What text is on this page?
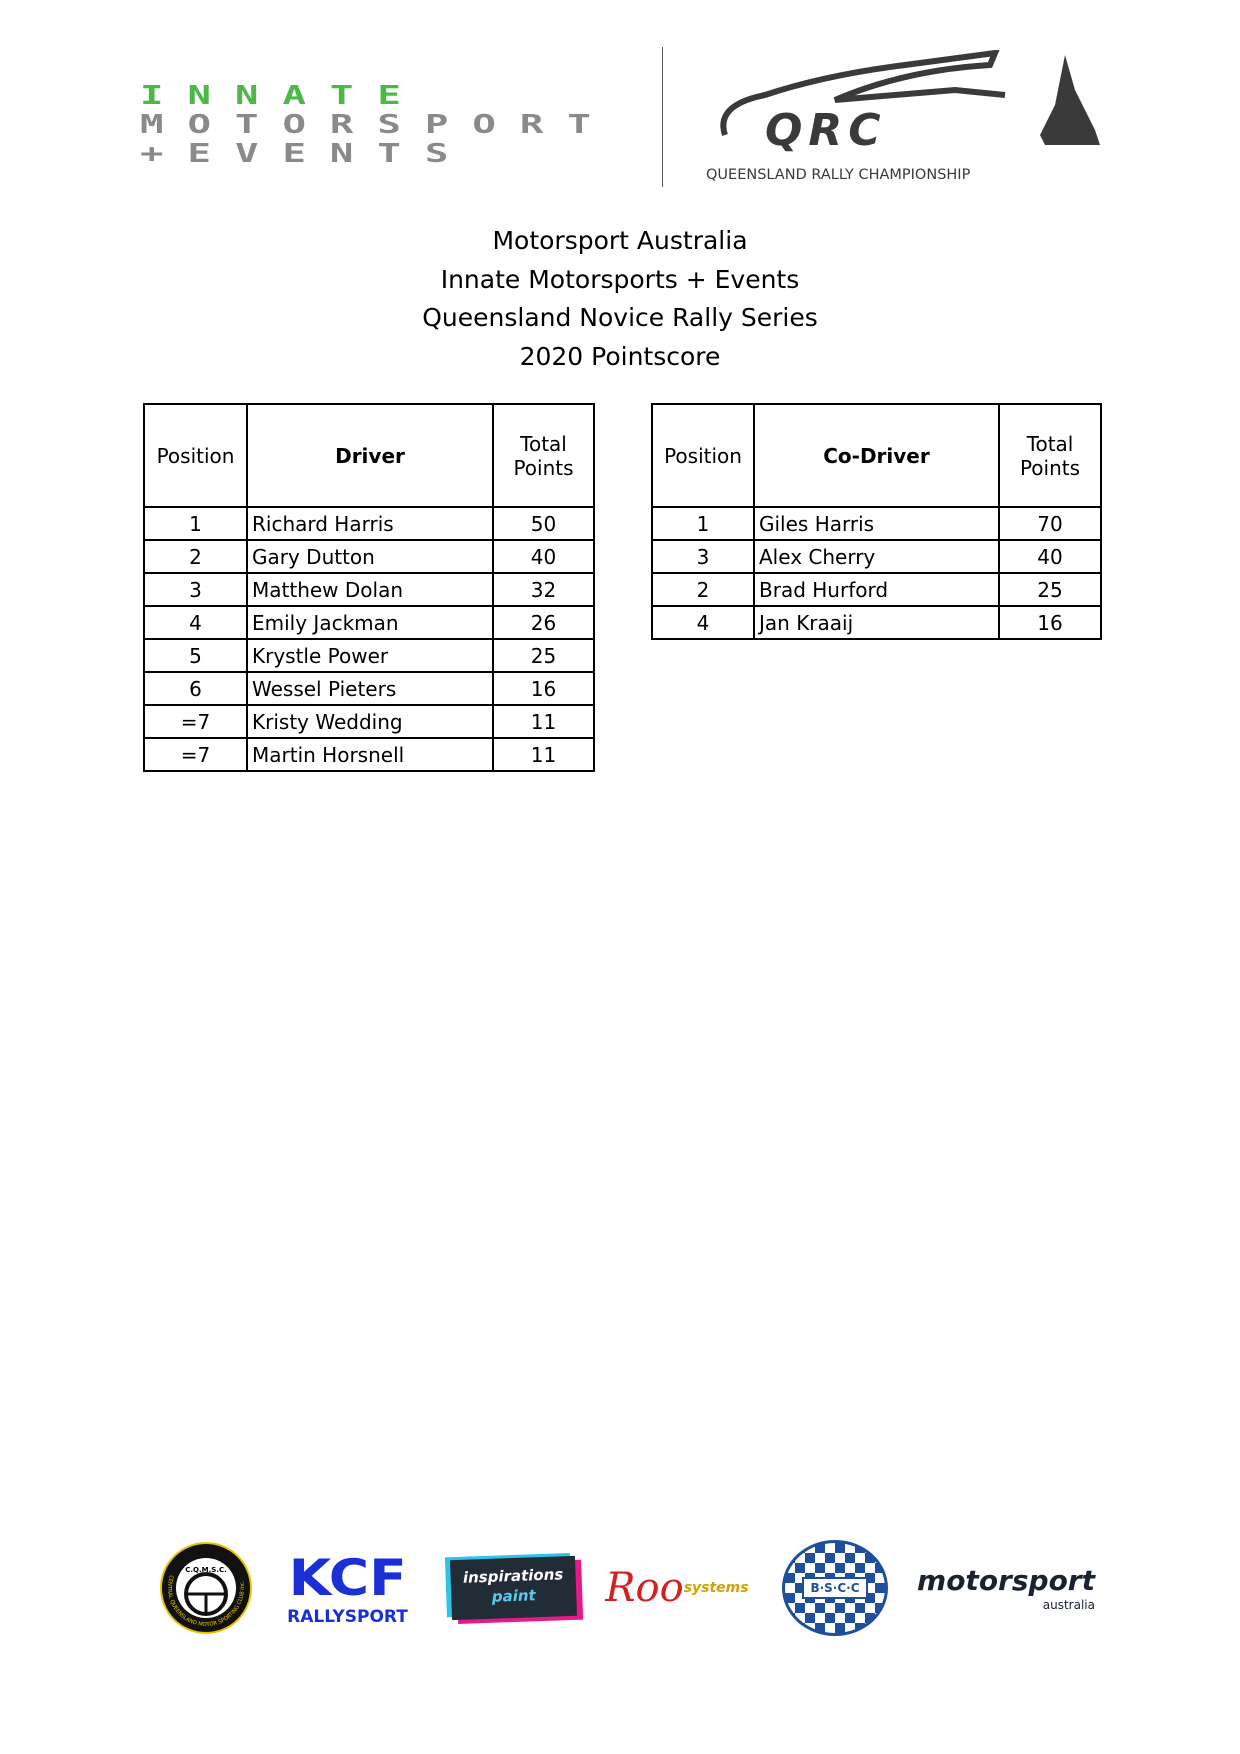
INNATE
MOTORSPORT
+EVENTS	QRC
QUEENSLAND RALLY CHAMPIONSHIP
Motorsport Australia
Innate Motorsports + Events
Queensland Novice Rally Series
2020 Pointscore
Position	Driver	Total
Points
1	Richard Harris	50
2	Gary Dutton	40
3	Matthew Dolan	32
4	Emily Jackman	26
5	Krystle Power	25
6	Wessel Pieters	16
=7	Kristy Wedding	11
=7	Martin Horsnell	11
Position	Co-Driver	Total
Points
1	Giles Harris	70
3	Alex Cherry	40
2	Brad Hurford	25
4	Jan Kraaij	16
C.Q.M.S.C.
CENTRAL QUEENSLAND MOTOR SPORTING CLUB Inc. KCF
RALLYSPORT
inspirations
paint	Roo systems	B·S·C·C motorsport
australia
